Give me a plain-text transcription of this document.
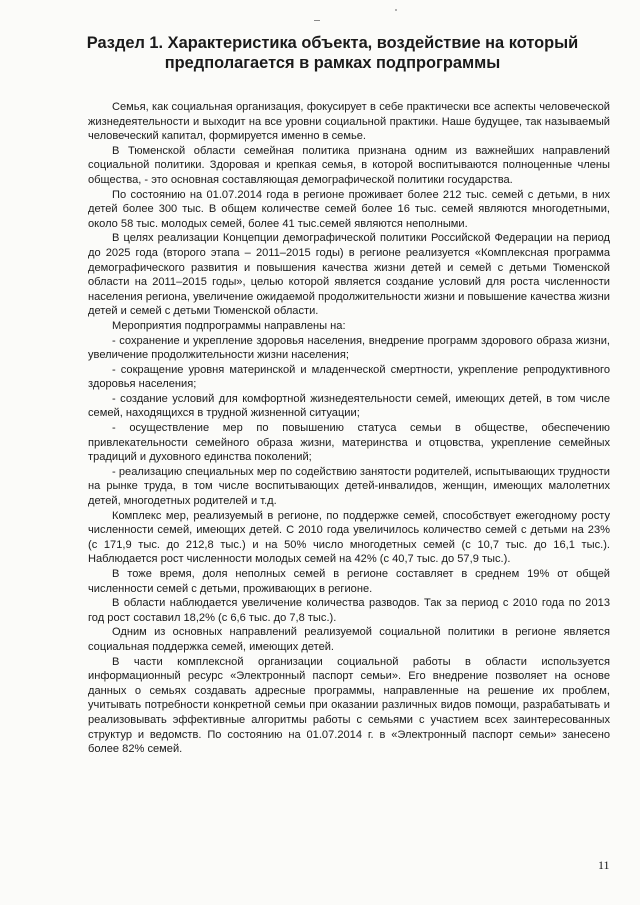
Раздел 1. Характеристика объекта, воздействие на который предполагается в рамках подпрограммы

Семья, как социальная организация, фокусирует в себе практически все аспекты человеческой жизнедеятельности и выходит на все уровни социальной практики. Наше будущее, так называемый человеческий капитал, формируется именно в семье.

В Тюменской области семейная политика признана одним из важнейших направлений социальной политики. Здоровая и крепкая семья, в которой воспитываются полноценные члены общества, - это основная составляющая демографической политики государства.

По состоянию на 01.07.2014 года в регионе проживает более 212 тыс. семей с детьми, в них детей более 300 тыс. В общем количестве семей более 16 тыс. семей являются многодетными, около 58 тыс. молодых семей, более 41 тыс.семей являются неполными.

В целях реализации Концепции демографической политики Российской Федерации на период до 2025 года (второго этапа – 2011–2015 годы) в регионе реализуется «Комплексная программа демографического развития и повышения качества жизни детей и семей с детьми Тюменской области на 2011–2015 годы», целью которой является создание условий для роста численности населения региона, увеличение ожидаемой продолжительности жизни и повышение качества жизни детей и семей с детьми Тюменской области.

Мероприятия подпрограммы направлены на:

- сохранение и укрепление здоровья населения, внедрение программ здорового образа жизни, увеличение продолжительности жизни населения;

- сокращение уровня материнской и младенческой смертности, укрепление репродуктивного здоровья населения;

- создание условий для комфортной жизнедеятельности семей, имеющих детей, в том числе семей, находящихся в трудной жизненной ситуации;

- осуществление мер по повышению статуса семьи в обществе, обеспечению привлекательности семейного образа жизни, материнства и отцовства, укрепление семейных традиций и духовного единства поколений;

- реализацию специальных мер по содействию занятости родителей, испытывающих трудности на рынке труда, в том числе воспитывающих детей-инвалидов, женщин, имеющих малолетних детей, многодетных родителей и т.д.

Комплекс мер, реализуемый в регионе, по поддержке семей, способствует ежегодному росту численности семей, имеющих детей. С 2010 года увеличилось количество семей с детьми на 23% (с 171,9 тыс. до 212,8 тыс.) и на 50% число многодетных семей (с 10,7 тыс. до 16,1 тыс.). Наблюдается рост численности молодых семей на 42% (с 40,7 тыс. до 57,9 тыс.).

В тоже время, доля неполных семей в регионе составляет в среднем 19% от общей численности семей с детьми, проживающих в регионе.

В области наблюдается увеличение количества разводов. Так за период с 2010 года по 2013 год рост составил 18,2% (с 6,6 тыс. до 7,8 тыс.).

Одним из основных направлений реализуемой социальной политики в регионе является социальная поддержка семей, имеющих детей.

В части комплексной организации социальной работы в области используется информационный ресурс «Электронный паспорт семьи». Его внедрение позволяет на основе данных о семьях создавать адресные программы, направленные на решение их проблем, учитывать потребности конкретной семьи при оказании различных видов помощи, разрабатывать и реализовывать эффективные алгоритмы работы с семьями с участием всех заинтересованных структур и ведомств. По состоянию на 01.07.2014 г. в «Электронный паспорт семьи» занесено более 82% семей.

11
